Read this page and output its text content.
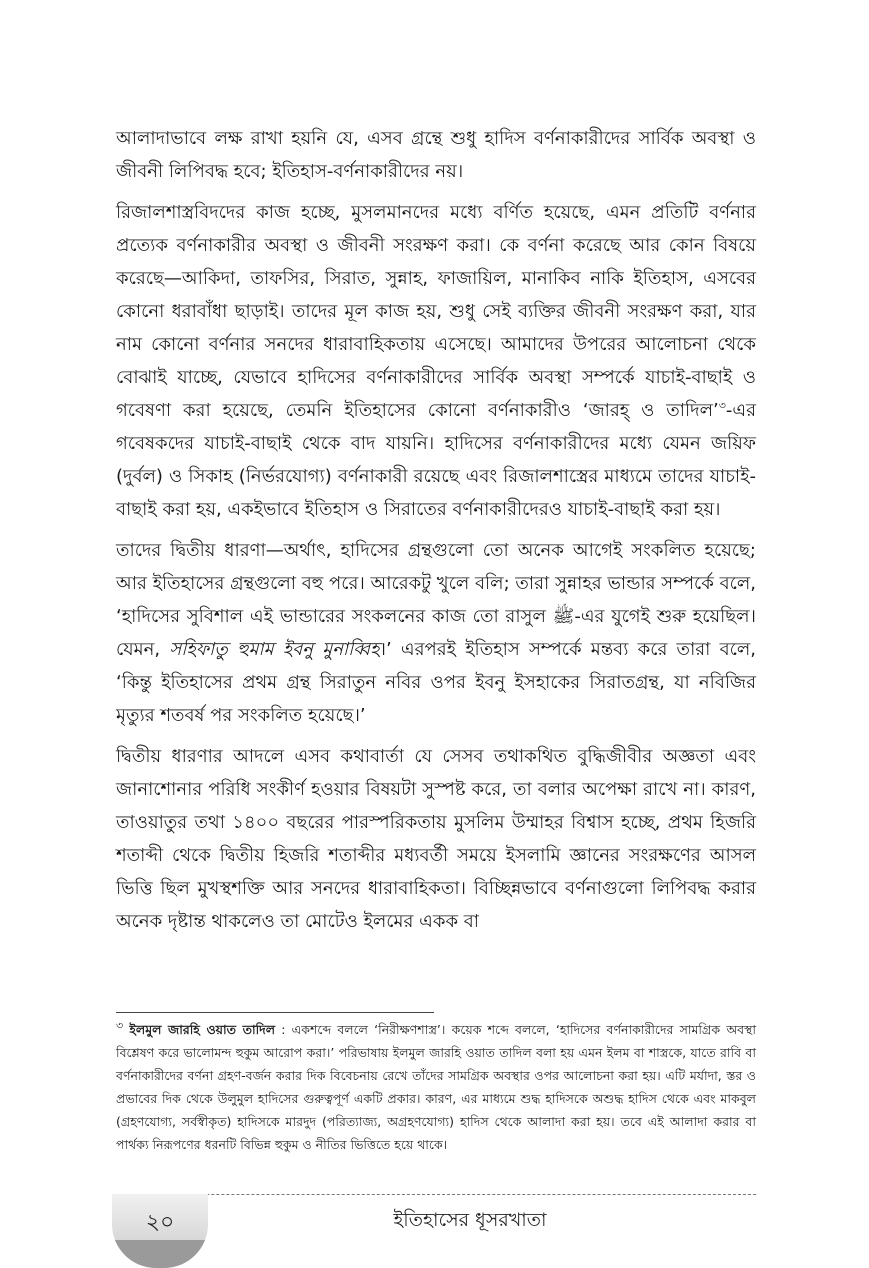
আলাদাভাবে লক্ষ রাখা হয়নি যে, এসব গ্রন্থে শুধু হাদিস বর্ণনাকারীদের সার্বিক অবস্থা ও জীবনী লিপিবদ্ধ হবে; ইতিহাস-বর্ণনাকারীদের নয়।

রিজালশাস্ত্রবিদদের কাজ হচ্ছে, মুসলমানদের মধ্যে বর্ণিত হয়েছে, এমন প্রতিটি বর্ণনার প্রত্যেক বর্ণনাকারীর অবস্থা ও জীবনী সংরক্ষণ করা। কে বর্ণনা করেছে আর কোন বিষয়ে করেছে—আকিদা, তাফসির, সিরাত, সুন্নাহ, ফাজায়িল, মানাকিব নাকি ইতিহাস, এসবের কোনো ধরাবাঁধা ছাড়াই। তাদের মূল কাজ হয়, শুধু সেই ব্যক্তির জীবনী সংরক্ষণ করা, যার নাম কোনো বর্ণনার সনদের ধারাবাহিকতায় এসেছে। আমাদের উপরের আলোচনা থেকে বোঝাই যাচ্ছে, যেভাবে হাদিসের বর্ণনাকারীদের সার্বিক অবস্থা সম্পর্কে যাচাই-বাছাই ও গবেষণা করা হয়েছে, তেমনি ইতিহাসের কোনো বর্ণনাকারীও ‘জারহ্ ও তাদিল’$^৩$-এর গবেষকদের যাচাই-বাছাই থেকে বাদ যায়নি। হাদিসের বর্ণনাকারীদের মধ্যে যেমন জয়িফ (দুর্বল) ও সিকাহ (নির্ভরযোগ্য) বর্ণনাকারী রয়েছে এবং রিজালশাস্ত্রের মাধ্যমে তাদের যাচাই-বাছাই করা হয়, একইভাবে ইতিহাস ও সিরাতের বর্ণনাকারীদেরও যাচাই-বাছাই করা হয়।

তাদের দ্বিতীয় ধারণা—অর্থাৎ, হাদিসের গ্রন্থগুলো তো অনেক আগেই সংকলিত হয়েছে; আর ইতিহাসের গ্রন্থগুলো বহু পরে। আরেকটু খুলে বলি; তারা সুন্নাহর ভান্ডার সম্পর্কে বলে, ‘হাদিসের সুবিশাল এই ভান্ডারের সংকলনের কাজ তো রাসুল ﷺ-এর যুগেই শুরু হয়েছিল। যেমন, সহিফাতু হুমাম ইবনু মুনাব্বিহ।’ এরপরই ইতিহাস সম্পর্কে মন্তব্য করে তারা বলে, ‘কিন্তু ইতিহাসের প্রথম গ্রন্থ সিরাতুন নবির ওপর ইবনু ইসহাকের সিরাতগ্রন্থ, যা নবিজির মৃত্যুর শতবর্ষ পর সংকলিত হয়েছে।’

দ্বিতীয় ধারণার আদলে এসব কথাবার্তা যে সেসব তথাকথিত বুদ্ধিজীবীর অজ্ঞতা এবং জানাশোনার পরিধি সংকীর্ণ হওয়ার বিষয়টা সুস্পষ্ট করে, তা বলার অপেক্ষা রাখে না। কারণ, তাওয়াতুর তথা ১৪০০ বছরের পারস্পরিকতায় মুসলিম উম্মাহর বিশ্বাস হচ্ছে, প্রথম হিজরি শতাব্দী থেকে দ্বিতীয় হিজরি শতাব্দীর মধ্যবর্তী সময়ে ইসলামি জ্ঞানের সংরক্ষণের আসল ভিত্তি ছিল মুখস্থশক্তি আর সনদের ধারাবাহিকতা। বিচ্ছিন্নভাবে বর্ণনাগুলো লিপিবদ্ধ করার অনেক দৃষ্টান্ত থাকলেও তা মোটেও ইলমের একক বা

$^৩$ ইলমুল জারহি ওয়াত তাদিল : একশব্দে বললে ‘নিরীক্ষণশাস্ত্র’। কয়েক শব্দে বললে, ‘হাদিসের বর্ণনাকারীদের সামগ্রিক অবস্থা বিশ্লেষণ করে ভালোমন্দ হুকুম আরোপ করা।’ পরিভাষায় ইলমুল জারহি ওয়াত তাদিল বলা হয় এমন ইলম বা শাস্ত্রকে, যাতে রাবি বা বর্ণনাকারীদের বর্ণনা গ্রহণ-বর্জন করার দিক বিবেচনায় রেখে তাঁদের সামগ্রিক অবস্থার ওপর আলোচনা করা হয়। এটি মর্যাদা, স্তর ও প্রভাবের দিক থেকে উলুমুল হাদিসের গুরুত্বপূর্ণ একটি প্রকার। কারণ, এর মাধ্যমে শুদ্ধ হাদিসকে অশুদ্ধ হাদিস থেকে এবং মাকবুল (গ্রহণযোগ্য, সর্বস্বীকৃত) হাদিসকে মারদুদ (পরিত্যাজ্য, অগ্রহণযোগ্য) হাদিস থেকে আলাদা করা হয়। তবে এই আলাদা করার বা পার্থক্য নিরূপণের ধরনটি বিভিন্ন হুকুম ও নীতির ভিত্তিতে হয়ে থাকে।
২০	ইতিহাসের ধূসরখাতা
